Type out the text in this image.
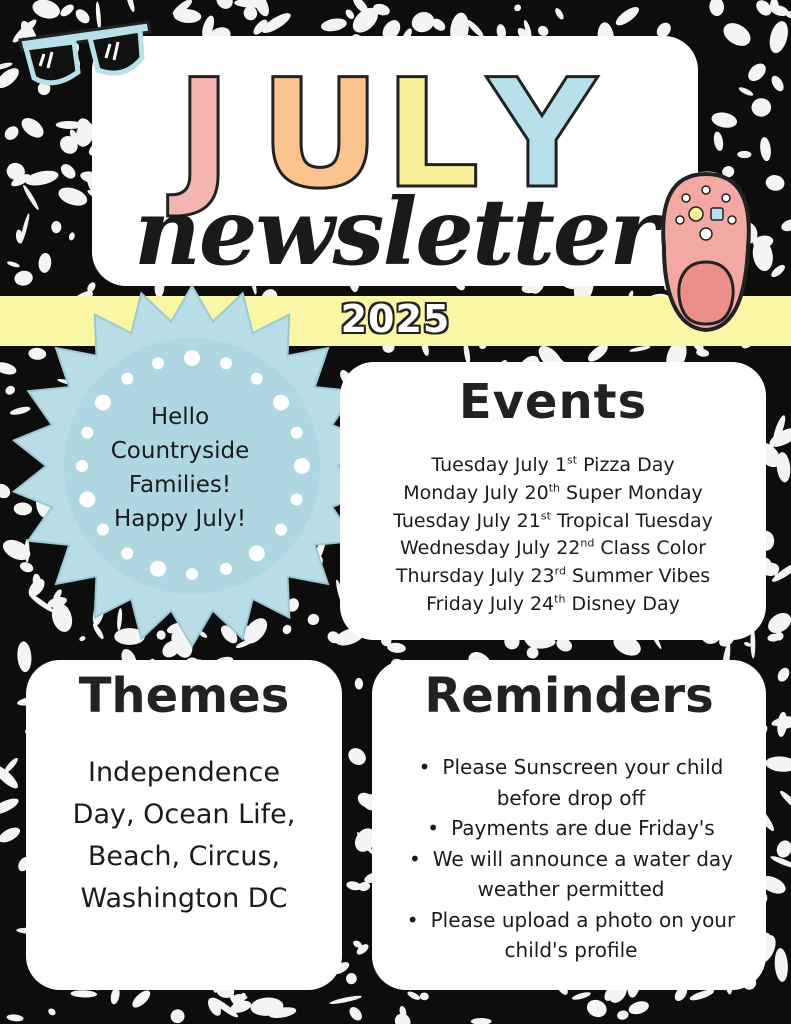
J U L Y
newsletter
2025
Hello
Countryside
Families!
Happy July!
Events
Tuesday July 1st Pizza Day
Monday July 20th Super Monday
Tuesday July 21st Tropical Tuesday
Wednesday July 22nd Class Color
Thursday July 23rd Summer Vibes
Friday July 24th Disney Day
Themes
Independence
Day, Ocean Life,
Beach, Circus,
Washington DC
Reminders
• Please Sunscreen your child
before drop off
• Payments are due Friday's
• We will announce a water day
weather permitted
• Please upload a photo on your
child's profile
